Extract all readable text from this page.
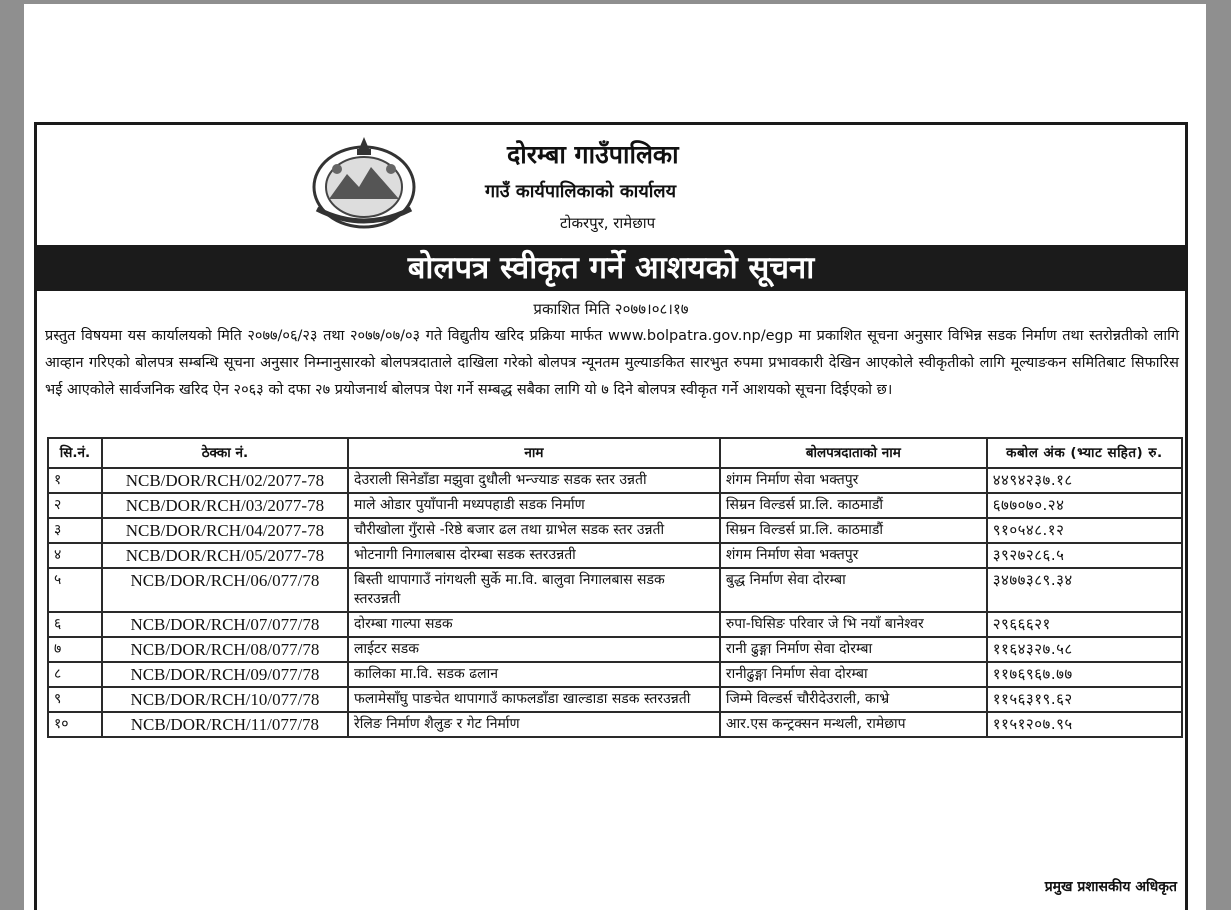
दोरम्बा गाउँपालिका
गाउँ कार्यपालिकाको कार्यालय
टोकरपुर, रामेछाप
बोलपत्र स्वीकृत गर्ने आशयको सूचना
प्रकाशित मिति २०७७।०८।१७
प्रस्तुत विषयमा यस कार्यालयको मिति २०७७/०६/२३ तथा २०७७/०७/०३ गते विद्युतीय खरिद प्रक्रिया मार्फत www.bolpatra.gov.np/egp मा प्रकाशित सूचना अनुसार विभिन्न सडक निर्माण तथा स्तरोन्नतीको लागि आव्हान गरिएको बोलपत्र सम्बन्धि सूचना अनुसार निम्नानुसारको बोलपत्रदाताले दाखिला गरेको बोलपत्र न्यूनतम मुल्याङकित सारभुत रुपमा प्रभावकारी देखिन आएकोले स्वीकृतीको लागि मूल्याङकन समितिबाट सिफारिस भई आएकोले सार्वजनिक खरिद ऐन २०६३ को दफा २७ प्रयोजनार्थ बोलपत्र पेश गर्ने सम्बद्ध सबैका लागि यो ७ दिने बोलपत्र स्वीकृत गर्ने आशयको सूचना दिईएको छ।
सि.नं.	ठेक्का नं.	नाम	बोलपत्रदाताको नाम	कबोल अंक (भ्याट सहित) रु.
१	NCB/DOR/RCH/02/2077-78	देउराली सिनेडाँडा मझुवा दुधौली भन्ज्याङ सडक स्तर उन्नती	शंगम निर्माण सेवा भक्तपुर	४४९४२३७.१८
२	NCB/DOR/RCH/03/2077-78	माले ओडार पुयाँपानी मध्यपहाडी सडक निर्माण	सिम्रन विल्डर्स प्रा.लि. काठमाडौं	६७७०७०.२४
३	NCB/DOR/RCH/04/2077-78	चौरीखोला गुँरासे -रिष्ठे बजार ढल तथा ग्राभेल सडक स्तर उन्नती	सिम्रन विल्डर्स प्रा.लि. काठमाडौं	९१०५४८.१२
४	NCB/DOR/RCH/05/2077-78	भोटनागी निगालबास दोरम्बा सडक स्तरउन्नती	शंगम निर्माण सेवा भक्तपुर	३९२७२८६.५
५	NCB/DOR/RCH/06/077/78	बिस्ती थापागाउँ नांगथली सुर्के मा.वि. बालुवा निगालबास सडक स्तरउन्नती	बुद्ध निर्माण सेवा दोरम्बा	३४७७३८९.३४
६	NCB/DOR/RCH/07/077/78	दोरम्बा गाल्पा सडक	रुपा-घिसिङ परिवार जे भि नयाँ बानेश्वर	२९६६६२१
७	NCB/DOR/RCH/08/077/78	लाईटर सडक	रानी ढुङ्गा निर्माण सेवा दोरम्बा	११६४३२७.५८
८	NCB/DOR/RCH/09/077/78	कालिका मा.वि. सडक ढलान	रानीढुङ्गा निर्माण सेवा दोरम्बा	११७६९६७.७७
९	NCB/DOR/RCH/10/077/78	फलामेसाँघु पाङचेत थापागाउँ काफलडाँडा खाल्डाडा सडक स्तरउन्नती	जिम्मे विल्डर्स चौरीदेउराली, काभ्रे	११५६३१९.६२
१०	NCB/DOR/RCH/11/077/78	रेलिङ निर्माण शैलुङ र गेट निर्माण	आर.एस कन्ट्रक्सन मन्थली, रामेछाप	११५१२०७.९५
प्रमुख प्रशासकीय अधिकृत
